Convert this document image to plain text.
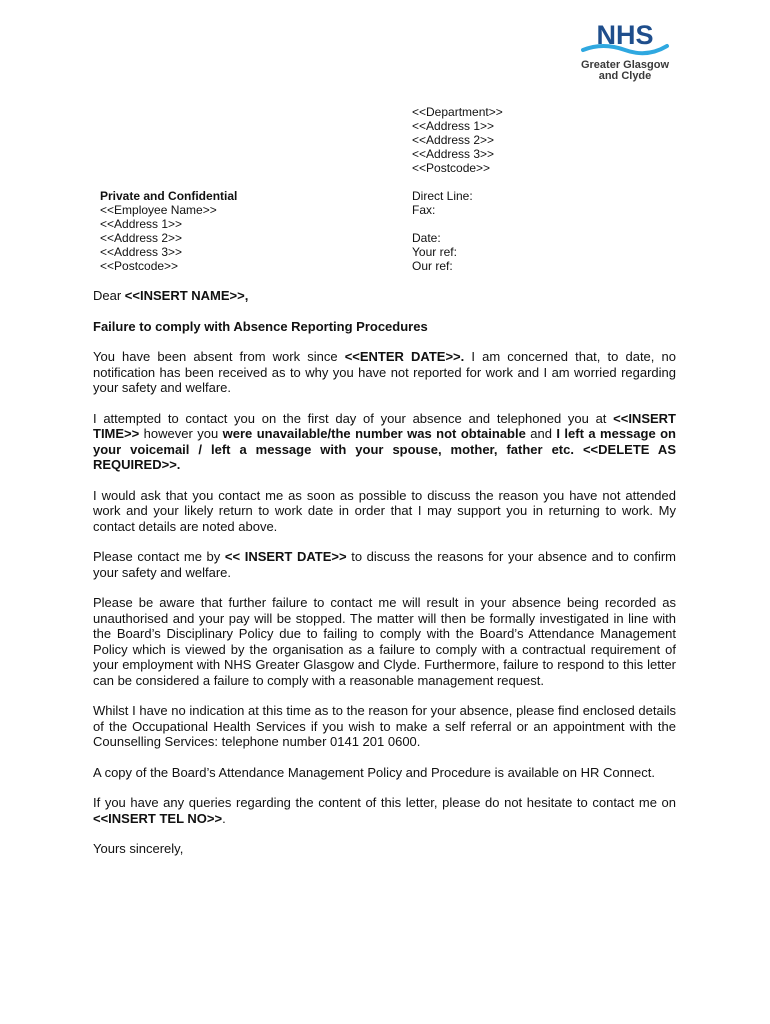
NHS
Greater Glasgow
and Clyde
<<Department>>
<<Address 1>>
<<Address 2>>
<<Address 3>>
<<Postcode>>
Private and Confidential
<<Employee Name>>
<<Address 1>>
<<Address 2>>
<<Address 3>>
<<Postcode>>
Direct Line:
Fax:

Date:
Your ref:
Our ref:

Dear <<INSERT NAME>>,

Failure to comply with Absence Reporting Procedures

You have been absent from work since <<ENTER DATE>>. I am concerned that, to date, no notification has been received as to why you have not reported for work and I am worried regarding your safety and welfare.

I attempted to contact you on the first day of your absence and telephoned you at <<INSERT TIME>> however you were unavailable/the number was not obtainable and I left a message on your voicemail / left a message with your spouse, mother, father etc. <<DELETE AS REQUIRED>>.

I would ask that you contact me as soon as possible to discuss the reason you have not attended work and your likely return to work date in order that I may support you in returning to work. My contact details are noted above.

Please contact me by << INSERT DATE>> to discuss the reasons for your absence and to confirm your safety and welfare.

Please be aware that further failure to contact me will result in your absence being recorded as unauthorised and your pay will be stopped. The matter will then be formally investigated in line with the Board’s Disciplinary Policy due to failing to comply with the Board’s Attendance Management Policy which is viewed by the organisation as a failure to comply with a contractual requirement of your employment with NHS Greater Glasgow and Clyde. Furthermore, failure to respond to this letter can be considered a failure to comply with a reasonable management request.

Whilst I have no indication at this time as to the reason for your absence, please find enclosed details of the Occupational Health Services if you wish to make a self referral or an appointment with the Counselling Services: telephone number 0141 201 0600.

A copy of the Board’s Attendance Management Policy and Procedure is available on HR Connect.

If you have any queries regarding the content of this letter, please do not hesitate to contact me on <<INSERT TEL NO>>.

Yours sincerely,
